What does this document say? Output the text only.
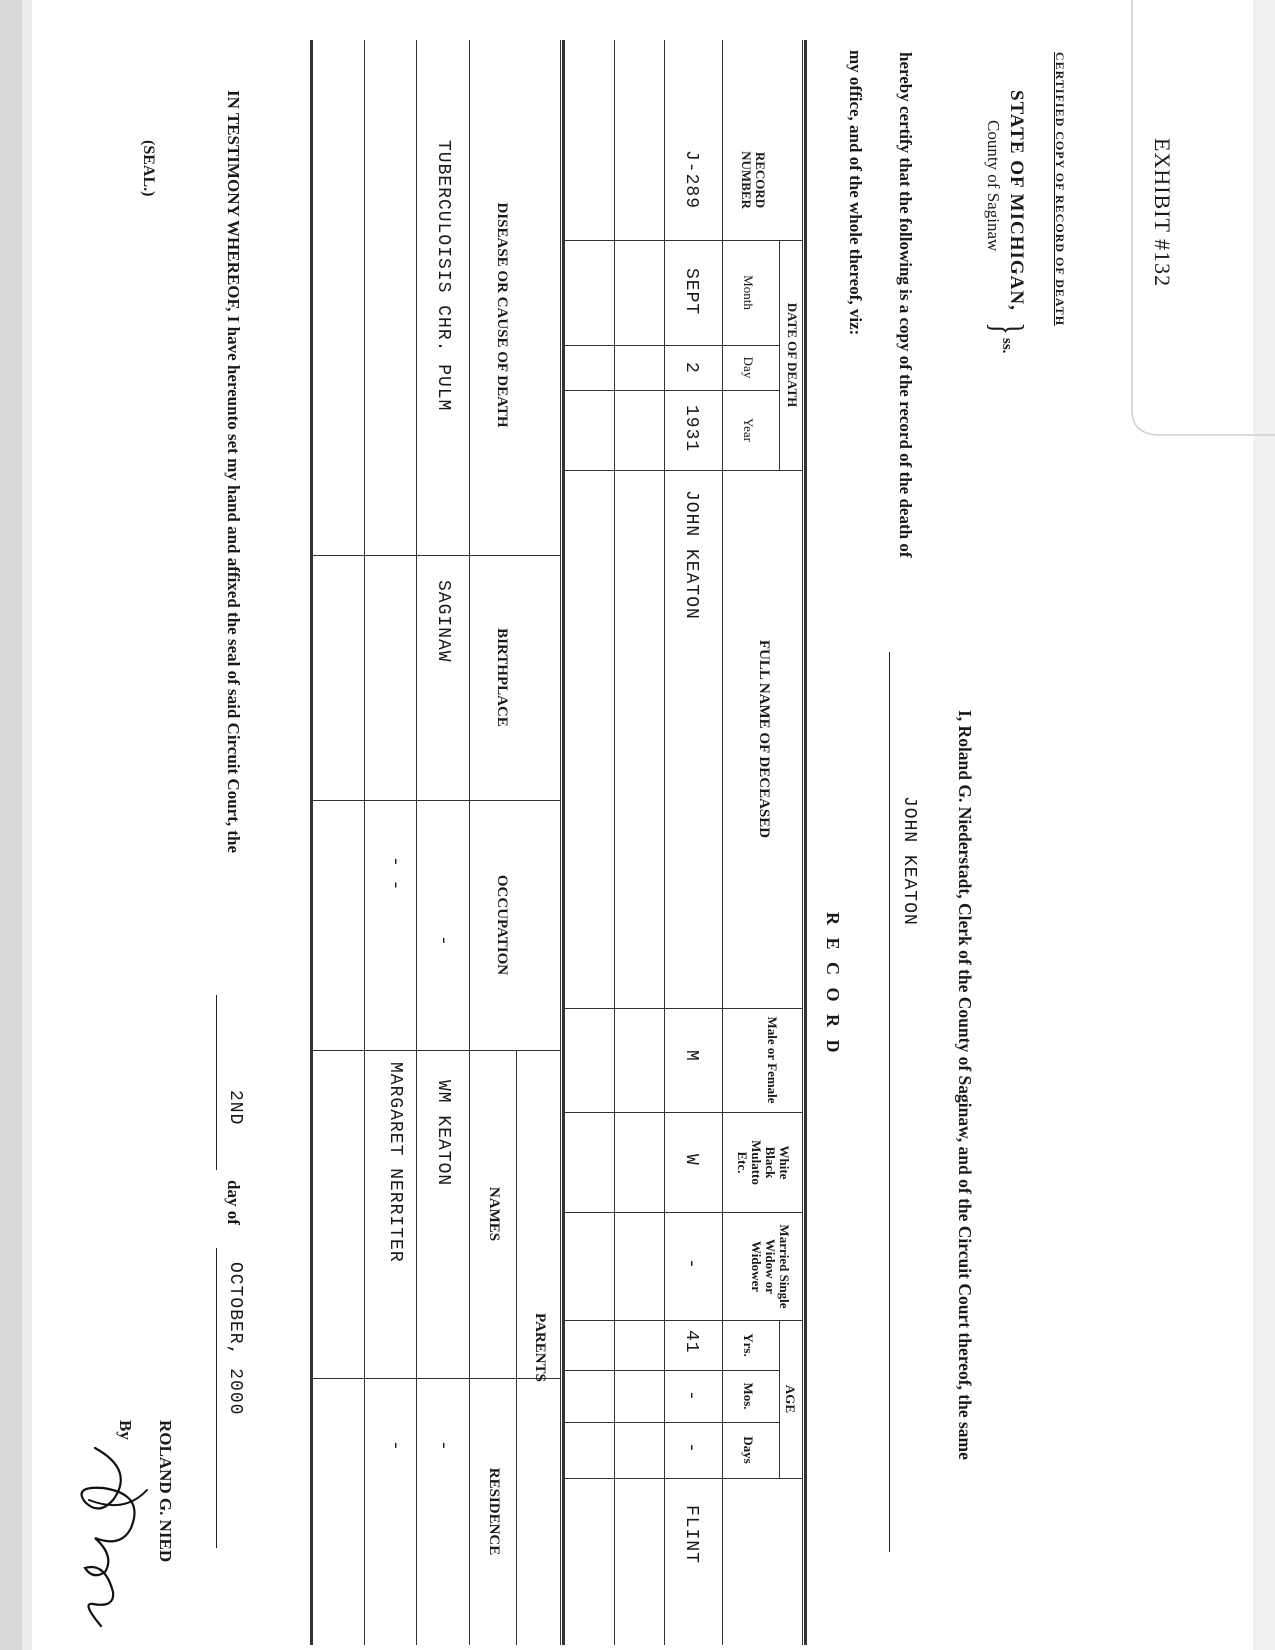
EXHIBIT #132
CERTIFIED COPY OF RECORD OF DEATH
STATE OF MICHIGAN,
County of Saginaw
}
ss.
I, Roland G. Niederstadt, Clerk of the County of Saginaw, and of the Circuit Court thereof, the same
hereby certify that the following is a copy of the record of the death of
JOHN KEATON
my office, and of the whole thereof, viz:
R E C O R D
RECORD NUMBER
DATE OF DEATH
Month
Day
Year
FULL NAME OF DECEASED
Male or Female
White Black Mulatto Etc.
Married Single Widow or Widower
AGE
Yrs.
Mos.
Days
J-289
SEPT
2
1931
JOHN KEATON
M
W
-
41
-
-
FLINT
DISEASE OR CAUSE OF DEATH
BIRTHPLACE
OCCUPATION
PARENTS
NAMES
RESIDENCE
TUBERCULOISIS CHR. PULM
SAGINAW
-
- -
WM KEATON
MARGARET NERRITER
-
-
IN TESTIMONY WHEREOF, I have hereunto set my hand and affixed the seal of said Circuit Court, the
2ND
day of
OCTOBER, 2000
(SEAL.)
ROLAND G. NIED
By
